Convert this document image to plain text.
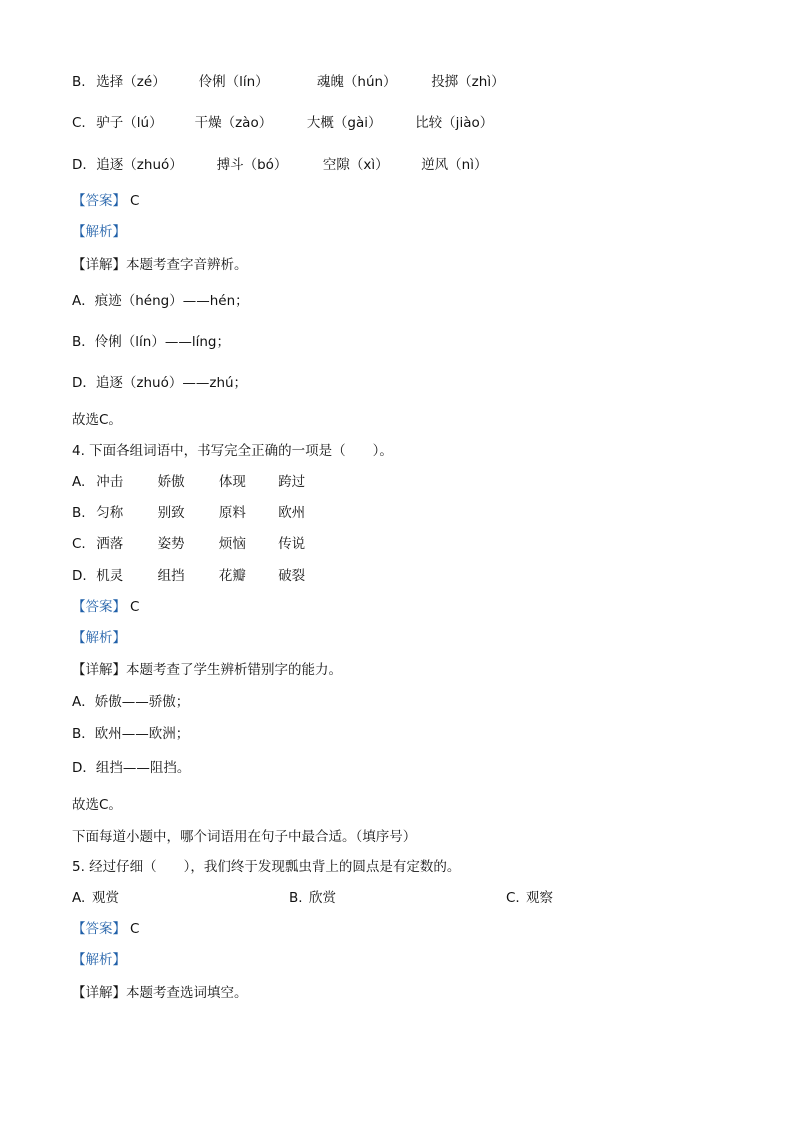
B. 选择（zé） 伶俐（lín）	魂魄（hún）	投掷（zhì）
C. 驴子（lú） 干燥（zào）	大概（gài） 比较（jiào）
D. 追逐（zhuó）	搏斗（bó）	空隙（xì） 逆风（nì）
【答案】 C
【解析】
【详解】本题考查字音辨析。
A．痕迹（héng）——hén；
B．伶俐（lín）——líng；
D．追逐（zhuó）——zhú；
故选C。
4. 下面各组词语中，书写完全正确的一项是（　　）。
A. 冲击	娇傲	体现 跨过
B. 匀称	别致	原料 欧州
C. 洒落	姿势	烦恼 传说
D. 机灵	组挡	花瓣 破裂
【答案】 C
【解析】
【详解】本题考查了学生辨析错别字的能力。
A．娇傲——骄傲；
B．欧州——欧洲；
D．组挡——阻挡。
故选C。
下面每道小题中，哪个词语用在句子中最合适。（填序号）
5. 经过仔细（　　），我们终于发现瓢虫背上的圆点是有定数的。
A. 观赏	B. 欣赏	C. 观察
【答案】 C
【解析】
【详解】本题考查选词填空。
